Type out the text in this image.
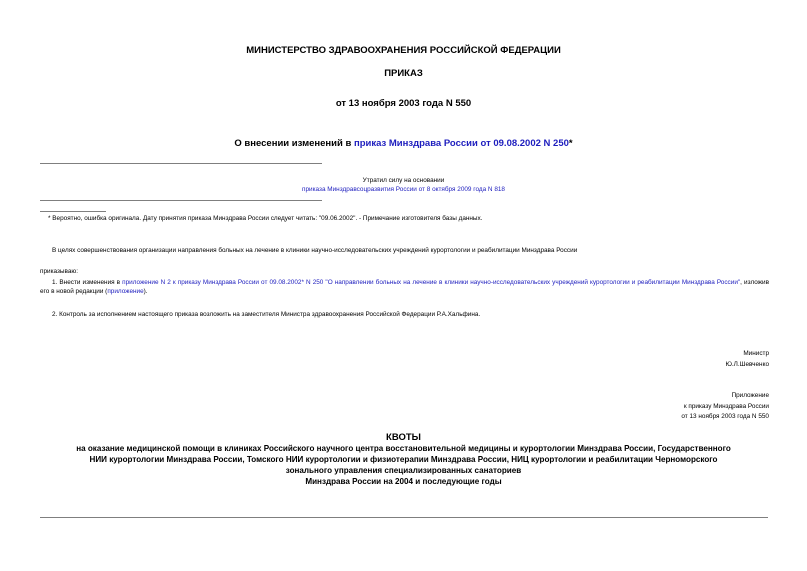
МИНИСТЕРСТВО ЗДРАВООХРАНЕНИЯ РОССИЙСКОЙ ФЕДЕРАЦИИ
ПРИКАЗ
от 13 ноября 2003 года N 550
О внесении изменений в приказ Минздрава России от 09.08.2002 N 250*
Утратил силу на основании
приказа Минздравсоцразвития России от 8 октября 2009 года N 818
* Вероятно, ошибка оригинала. Дату принятия приказа Минздрава России следует читать: "09.06.2002". - Примечание изготовителя базы данных.
В целях совершенствования организации направления больных на лечение в клиники научно-исследовательских учреждений курортологии и реабилитации Минздрава России
приказываю:
1. Внести изменения в приложение N 2 к приказу Минздрава России от 09.08.2002* N 250 "О направлении больных на лечение в клиники научно-исследовательских учреждений курортологии и реабилитации Минздрава России", изложив его в новой редакции (приложение).
2. Контроль за исполнением настоящего приказа возложить на заместителя Министра здравоохранения Российской Федерации Р.А.Хальфина.
Министр
Ю.Л.Шевченко
Приложение
к приказу Минздрава России
от 13 ноября 2003 года N 550
КВОТЫ

на оказание медицинской помощи в клиниках Российского научного центра восстановительной медицины и курортологии Минздрава России, Государственного

НИИ курортологии Минздрава России, Томского НИИ курортологии и физиотерапии Минздрава России, НИЦ курортологии и реабилитации Черноморского

зонального управления специализированных санаториев

Минздрава России на 2004 и последующие годы
